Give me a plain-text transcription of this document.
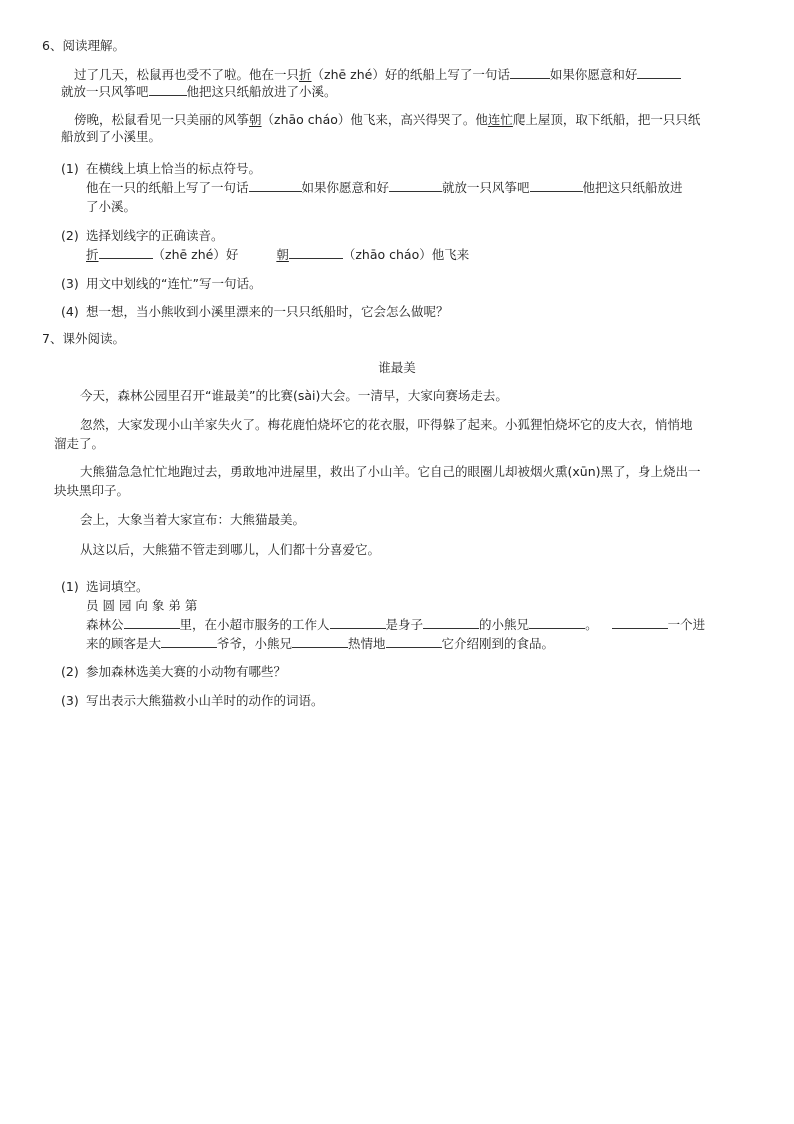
6、阅读理解。
过了几天，松鼠再也受不了啦。他在一只折（zhē zhé）好的纸船上写了一句话	如果你愿意和好
就放一只风筝吧	他把这只纸船放进了小溪。
傍晚，松鼠看见一只美丽的风筝朝（zhāo cháo）他飞来，高兴得哭了。他连忙爬上屋顶，取下纸船，把一只只纸
船放到了小溪里。
(1) 在横线上填上恰当的标点符号。
他在一只的纸船上写了一句话	如果你愿意和好	就放一只风筝吧	他把这只纸船放进
了小溪。
(2) 选择划线字的正确读音。
折	（zhē zhé）好	朝	（zhāo cháo）他飞来
(3) 用文中划线的“连忙”写一句话。
(4) 想一想，当小熊收到小溪里漂来的一只只纸船时，它会怎么做呢？
7、课外阅读。
谁最美
今天，森林公园里召开“谁最美”的比赛(sài)大会。一清早，大家向赛场走去。
忽然，大家发现小山羊家失火了。梅花鹿怕烧坏它的花衣服，吓得躲了起来。小狐狸怕烧坏它的皮大衣，悄悄地
溜走了。
大熊猫急急忙忙地跑过去，勇敢地冲进屋里，救出了小山羊。它自己的眼圈儿却被烟火熏(xūn)黑了，身上烧出一
块块黑印子。
会上，大象当着大家宣布：大熊猫最美。
从这以后，大熊猫不管走到哪儿，人们都十分喜爱它。
(1) 选词填空。
员 圆 园 向 象 弟 第
森林公	里，在小超市服务的工作人	是身子	的小熊兄	。	一个进
来的顾客是大	爷爷，小熊兄	热情地	它介绍刚到的食品。
(2) 参加森林选美大赛的小动物有哪些？
(3) 写出表示大熊猫救小山羊时的动作的词语。
